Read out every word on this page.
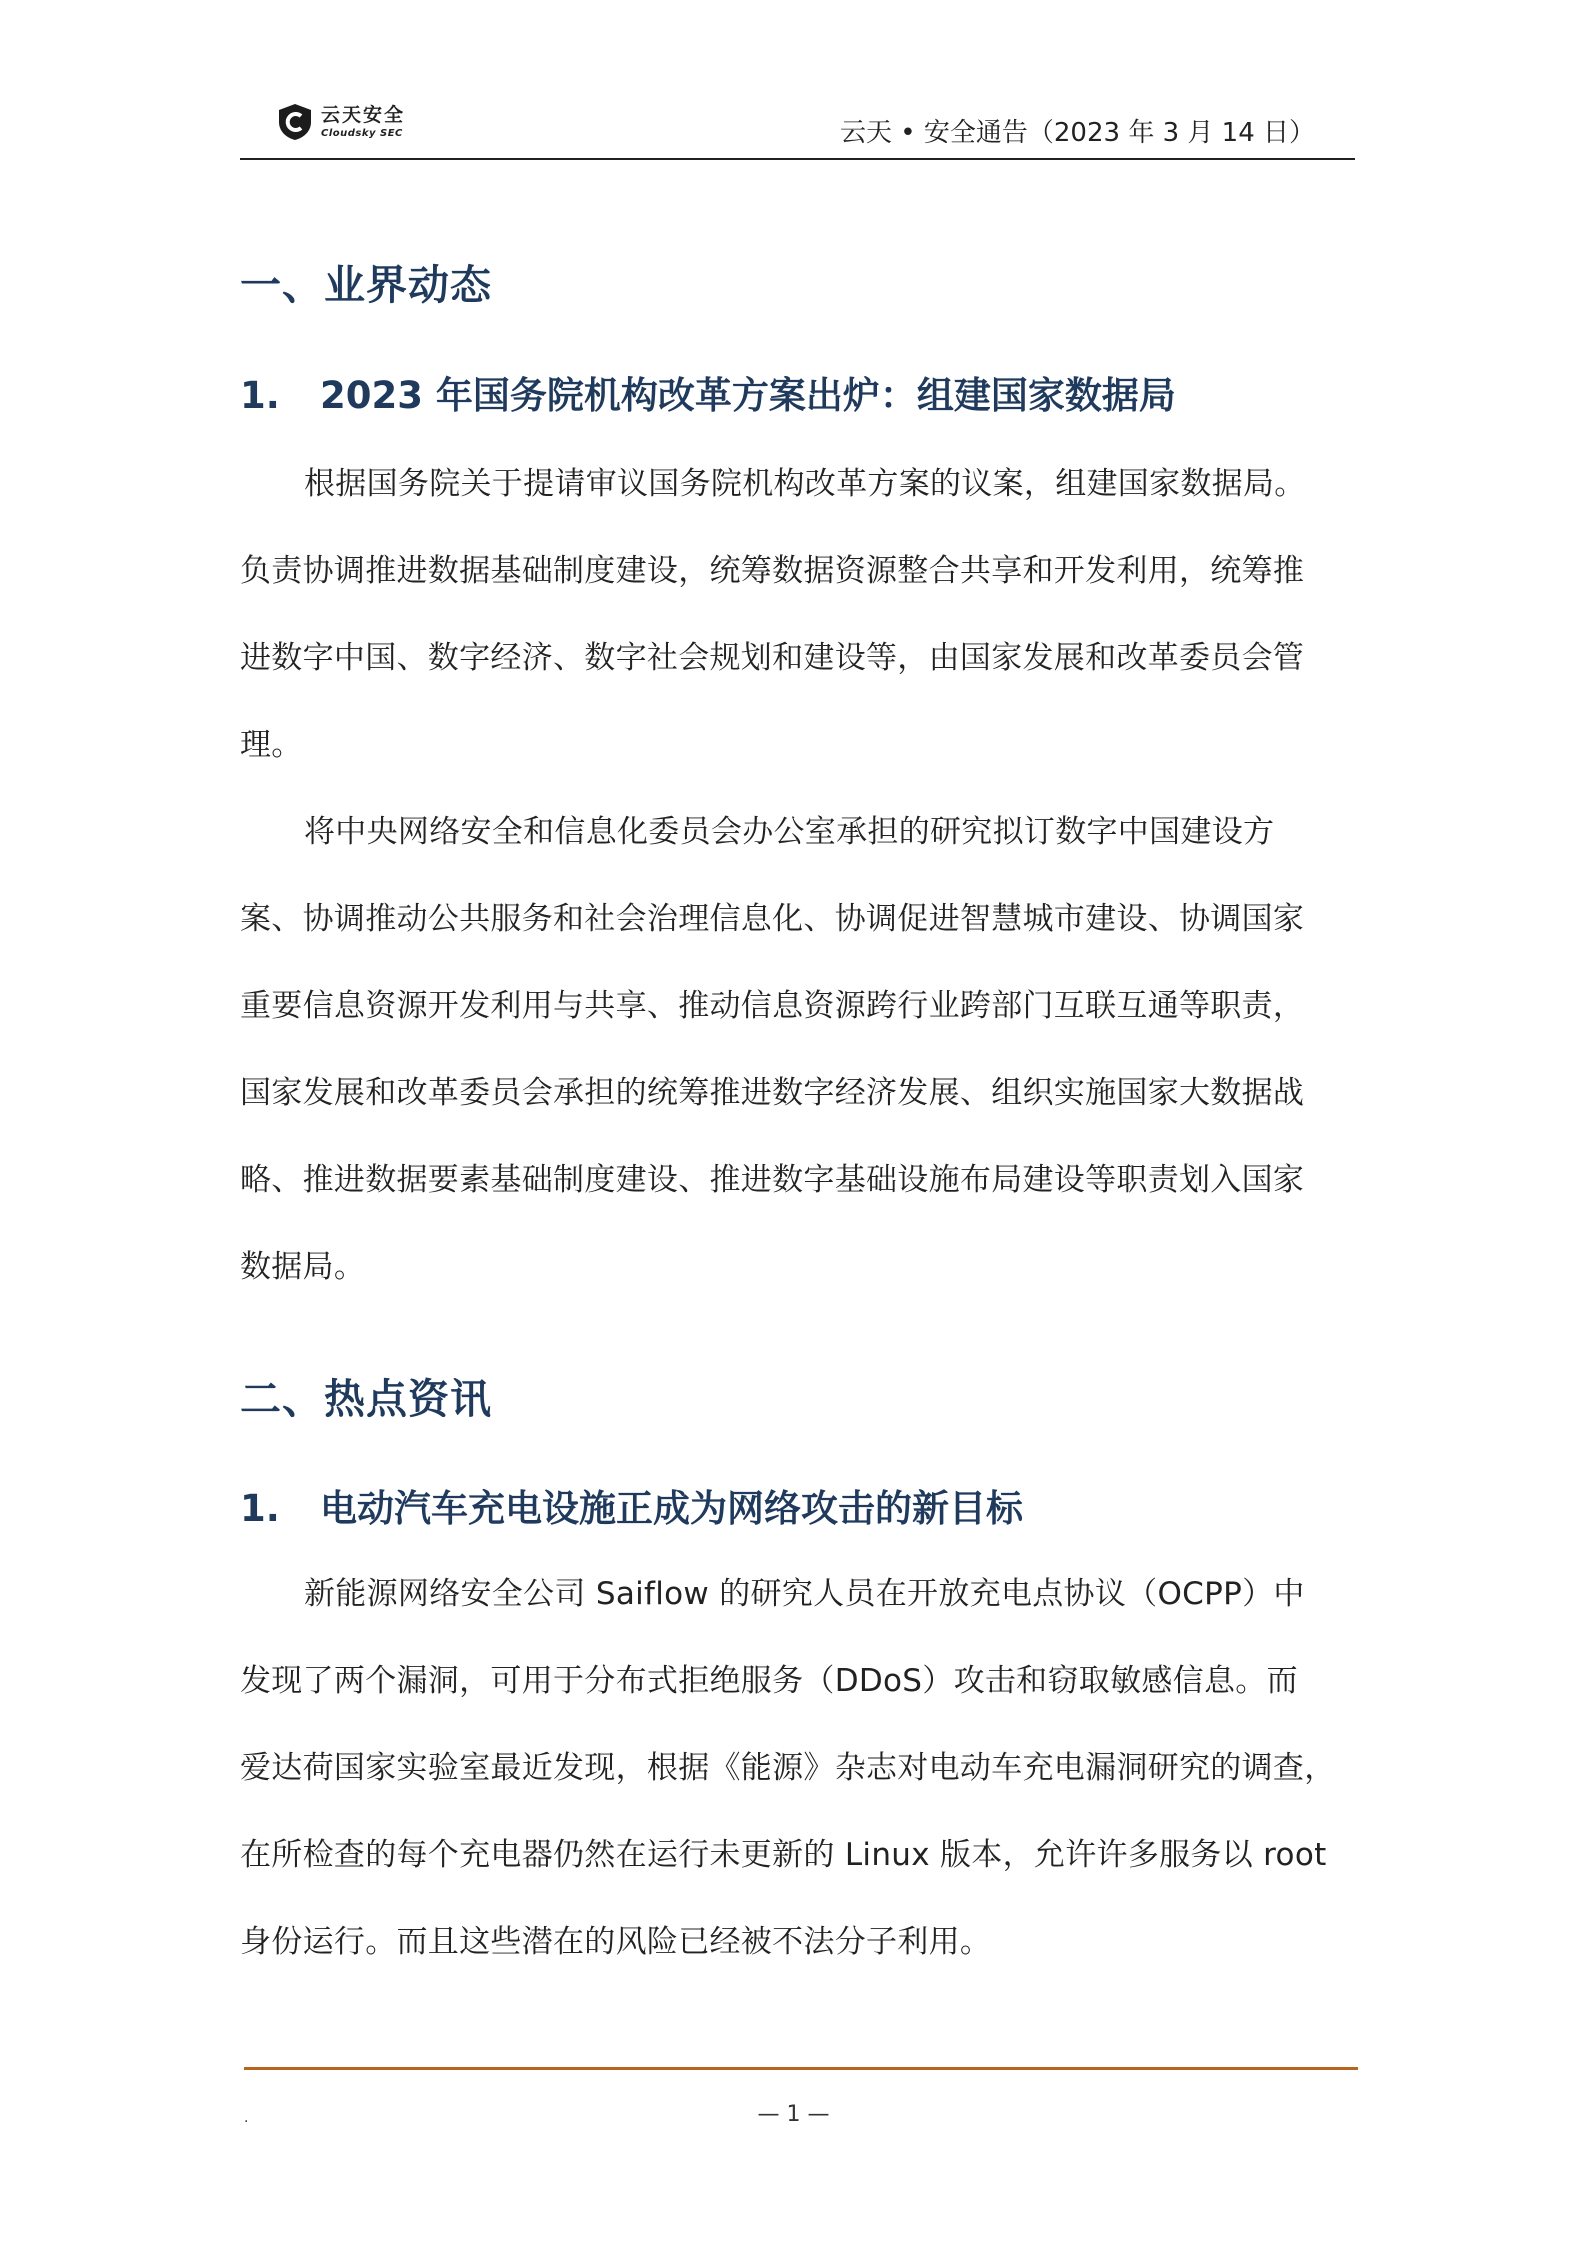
云天安全
Cloudsky SEC	云天 • 安全通告（2023 年 3 月 14 日）
一、业界动态
1. 2023 年国务院机构改革方案出炉：组建国家数据局
根据国务院关于提请审议国务院机构改革方案的议案，组建国家数据局。
负责协调推进数据基础制度建设，统筹数据资源整合共享和开发利用，统筹推
进数字中国、数字经济、数字社会规划和建设等，由国家发展和改革委员会管
理。
将中央网络安全和信息化委员会办公室承担的研究拟订数字中国建设方
案、协调推动公共服务和社会治理信息化、协调促进智慧城市建设、协调国家
重要信息资源开发利用与共享、推动信息资源跨行业跨部门互联互通等职责，
国家发展和改革委员会承担的统筹推进数字经济发展、组织实施国家大数据战
略、推进数据要素基础制度建设、推进数字基础设施布局建设等职责划入国家
数据局。
二、热点资讯
1. 电动汽车充电设施正成为网络攻击的新目标
新能源网络安全公司 Saiflow 的研究人员在开放充电点协议（OCPP）中
发现了两个漏洞，可用于分布式拒绝服务（DDoS）攻击和窃取敏感信息。而
爱达荷国家实验室最近发现，根据《能源》杂志对电动车充电漏洞研究的调查，
在所检查的每个充电器仍然在运行未更新的 Linux 版本，允许许多服务以 root
身份运行。而且这些潜在的风险已经被不法分子利用。
.	— 1 —
